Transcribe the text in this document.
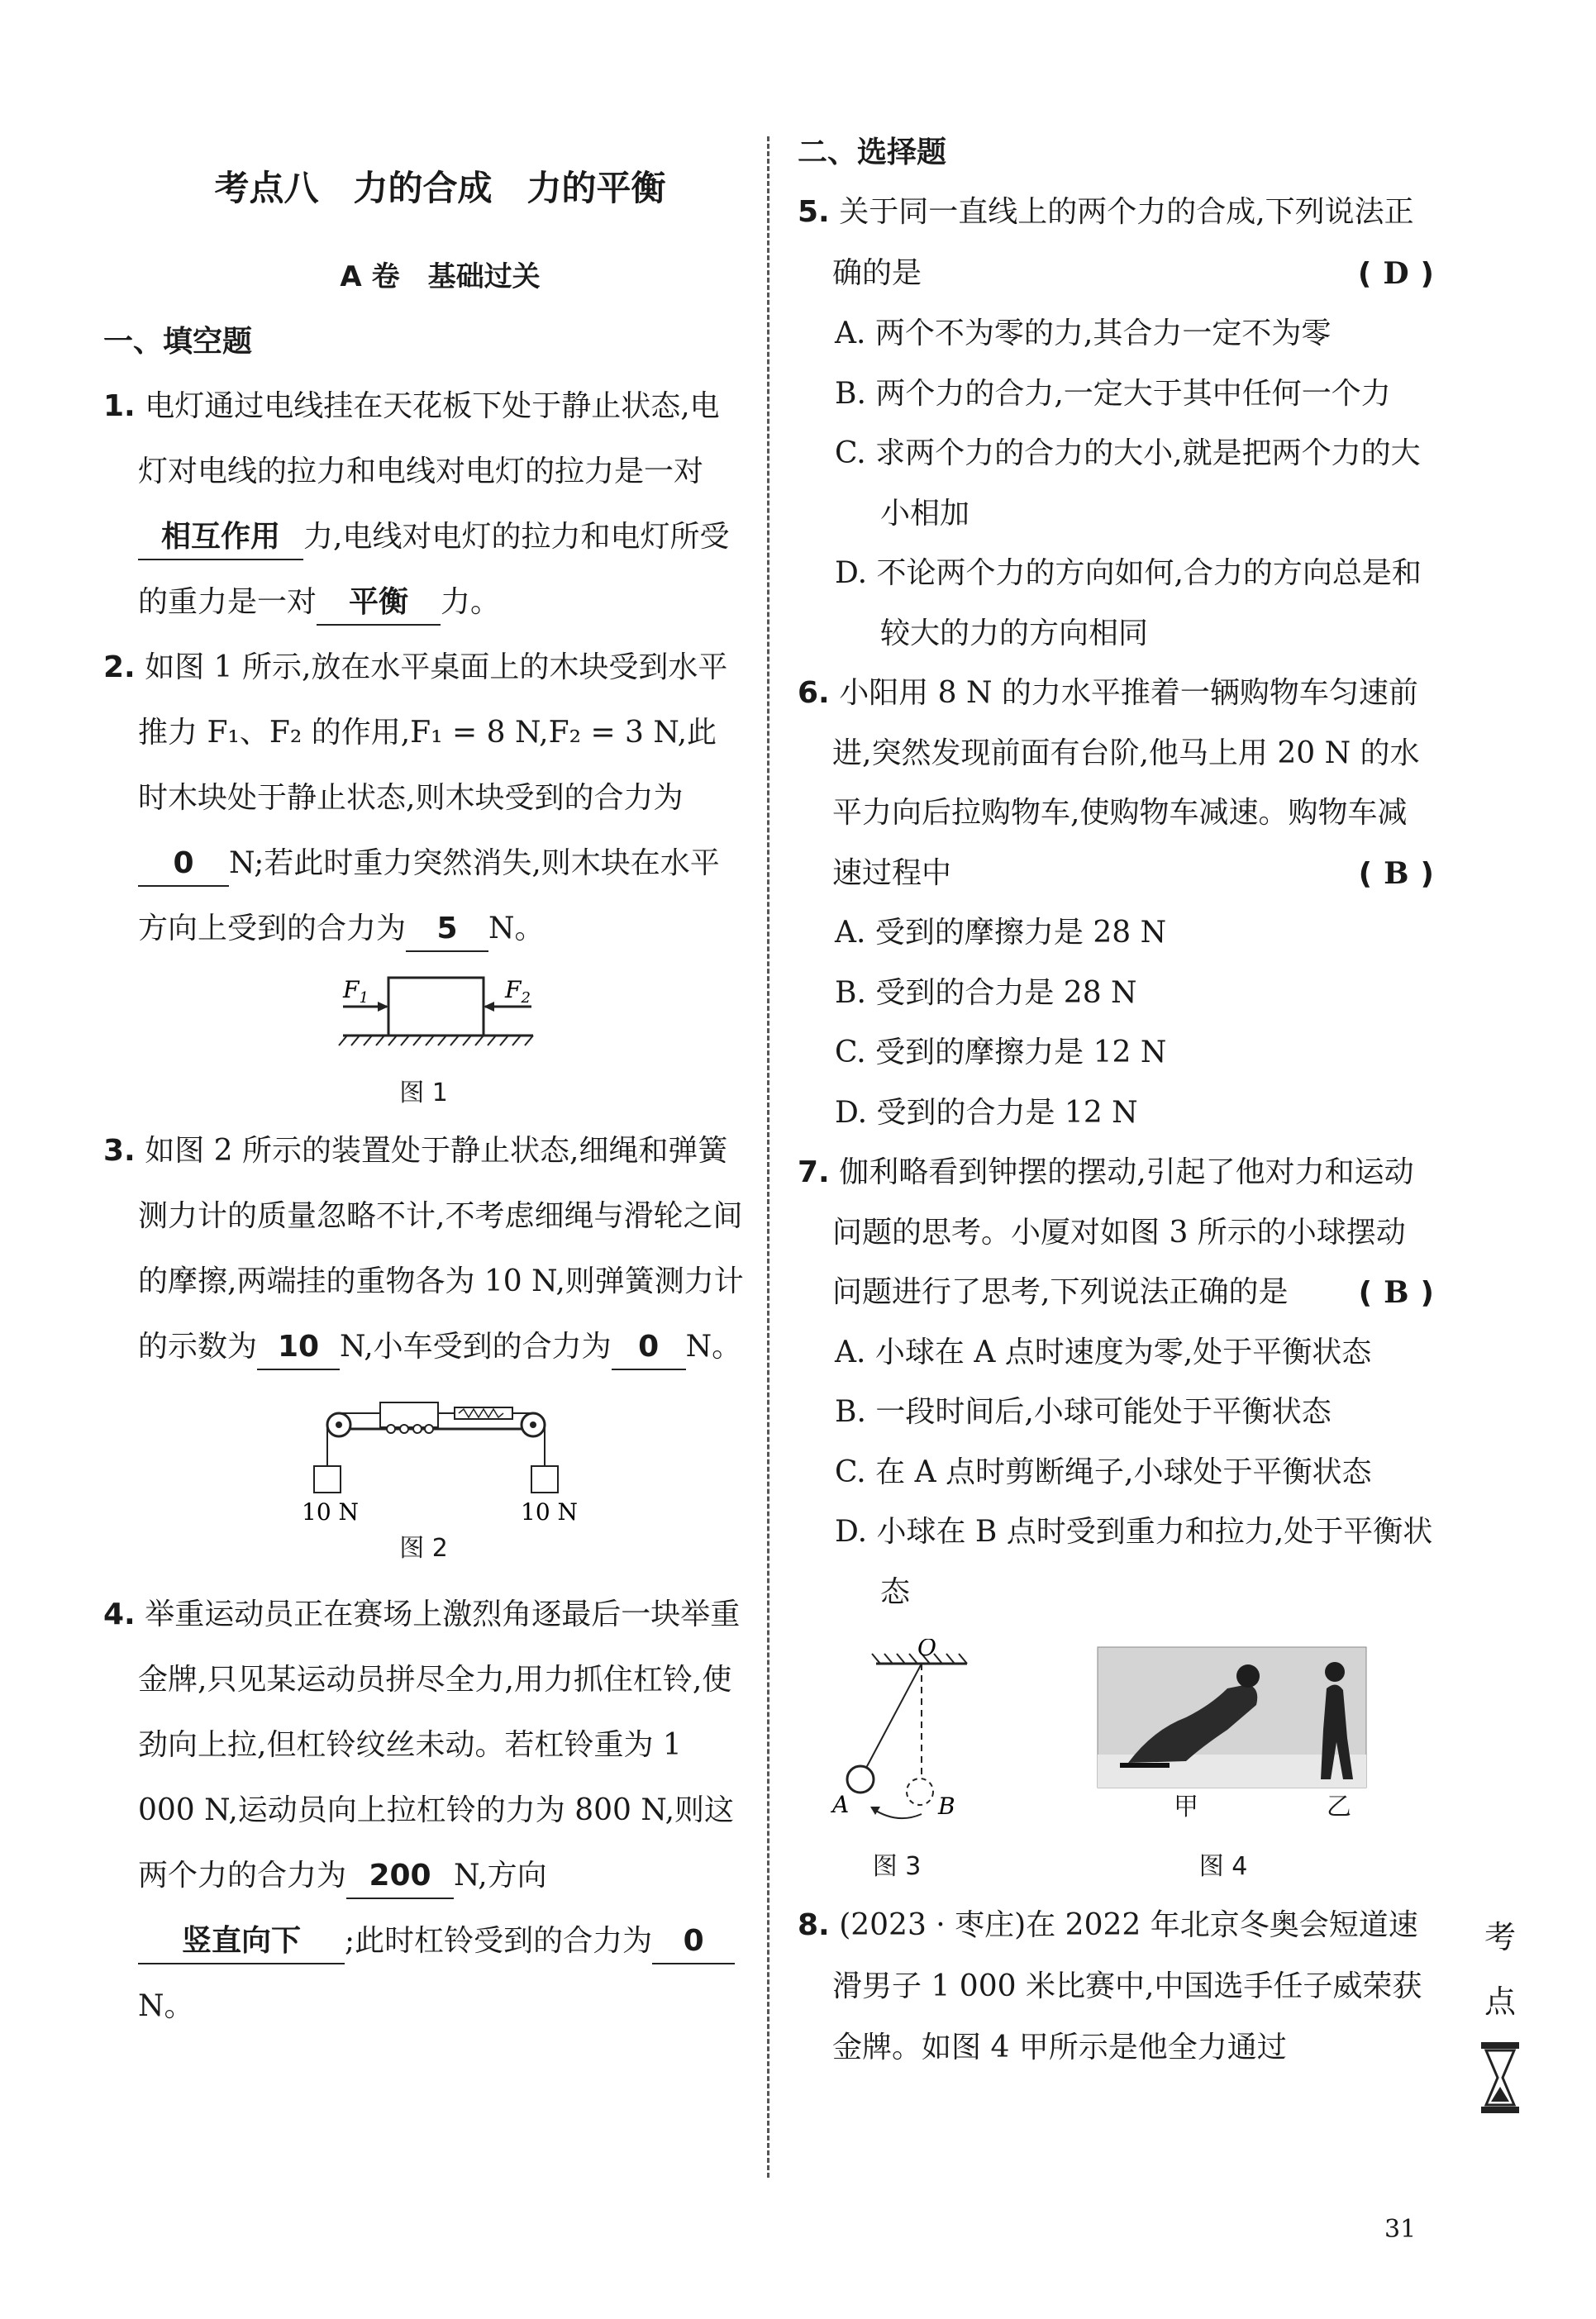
考点八　力的合成　力的平衡
A 卷　基础过关
一、填空题
1. 电灯通过电线挂在天花板下处于静止状态,电灯对电线的拉力和电线对电灯的拉力是一对相互作用 力,电线对电灯的拉力和电灯所受的重力是一对 平衡 力。
2. 如图 1 所示,放在水平桌面上的木块受到水平推力 F₁、F₂ 的作用,F₁ = 8 N,F₂ = 3 N,此时木块处于静止状态,则木块受到的合力为0 N;若此时重力突然消失,则木块在水平方向上受到的合力为 5 N。
$F_1$	$F_2$
图 1
3. 如图 2 所示的装置处于静止状态,细绳和弹簧测力计的质量忽略不计,不考虑细绳与滑轮之间的摩擦,两端挂的重物各为 10 N,则弹簧测力计的示数为 10 N,小车受到的合力为 0 N。
10 N	10 N
图 2
4. 举重运动员正在赛场上激烈角逐最后一块举重金牌,只见某运动员拼尽全力,用力抓住杠铃,使劲向上拉,但杠铃纹丝未动。若杠铃重为 1 000 N,运动员向上拉杠铃的力为 800 N,则这两个力的合力为 200 N,方向竖直向下 ;此时杠铃受到的合力为 0N。
二、选择题
5. 关于同一直线上的两个力的合成,下列说法正确的是	( D )
A. 两个不为零的力,其合力一定不为零
B. 两个力的合力,一定大于其中任何一个力
C. 求两个力的合力的大小,就是把两个力的大小相加
D. 不论两个力的方向如何,合力的方向总是和较大的力的方向相同
6. 小阳用 8 N 的力水平推着一辆购物车匀速前进,突然发现前面有台阶,他马上用 20 N 的水平力向后拉购物车,使购物车减速。购物车减速过程中	( B )
A. 受到的摩擦力是 28 N
B. 受到的合力是 28 N
C. 受到的摩擦力是 12 N
D. 受到的合力是 12 N
7. 伽利略看到钟摆的摆动,引起了他对力和运动问题的思考。小厦对如图 3 所示的小球摆动问题进行了思考,下列说法正确的是 ( B )
A. 小球在 A 点时速度为零,处于平衡状态
B. 一段时间后,小球可能处于平衡状态
C. 在 A 点时剪断绳子,小球处于平衡状态
D. 小球在 B 点时受到重力和拉力,处于平衡状态
O
A	B	甲	乙
图 3	图 4
8. (2023 · 枣庄)在 2022 年北京冬奥会短道速滑男子 1 000 米比赛中,中国选手任子威荣获金牌。如图 4 甲所示是他全力通过
考
点
31
